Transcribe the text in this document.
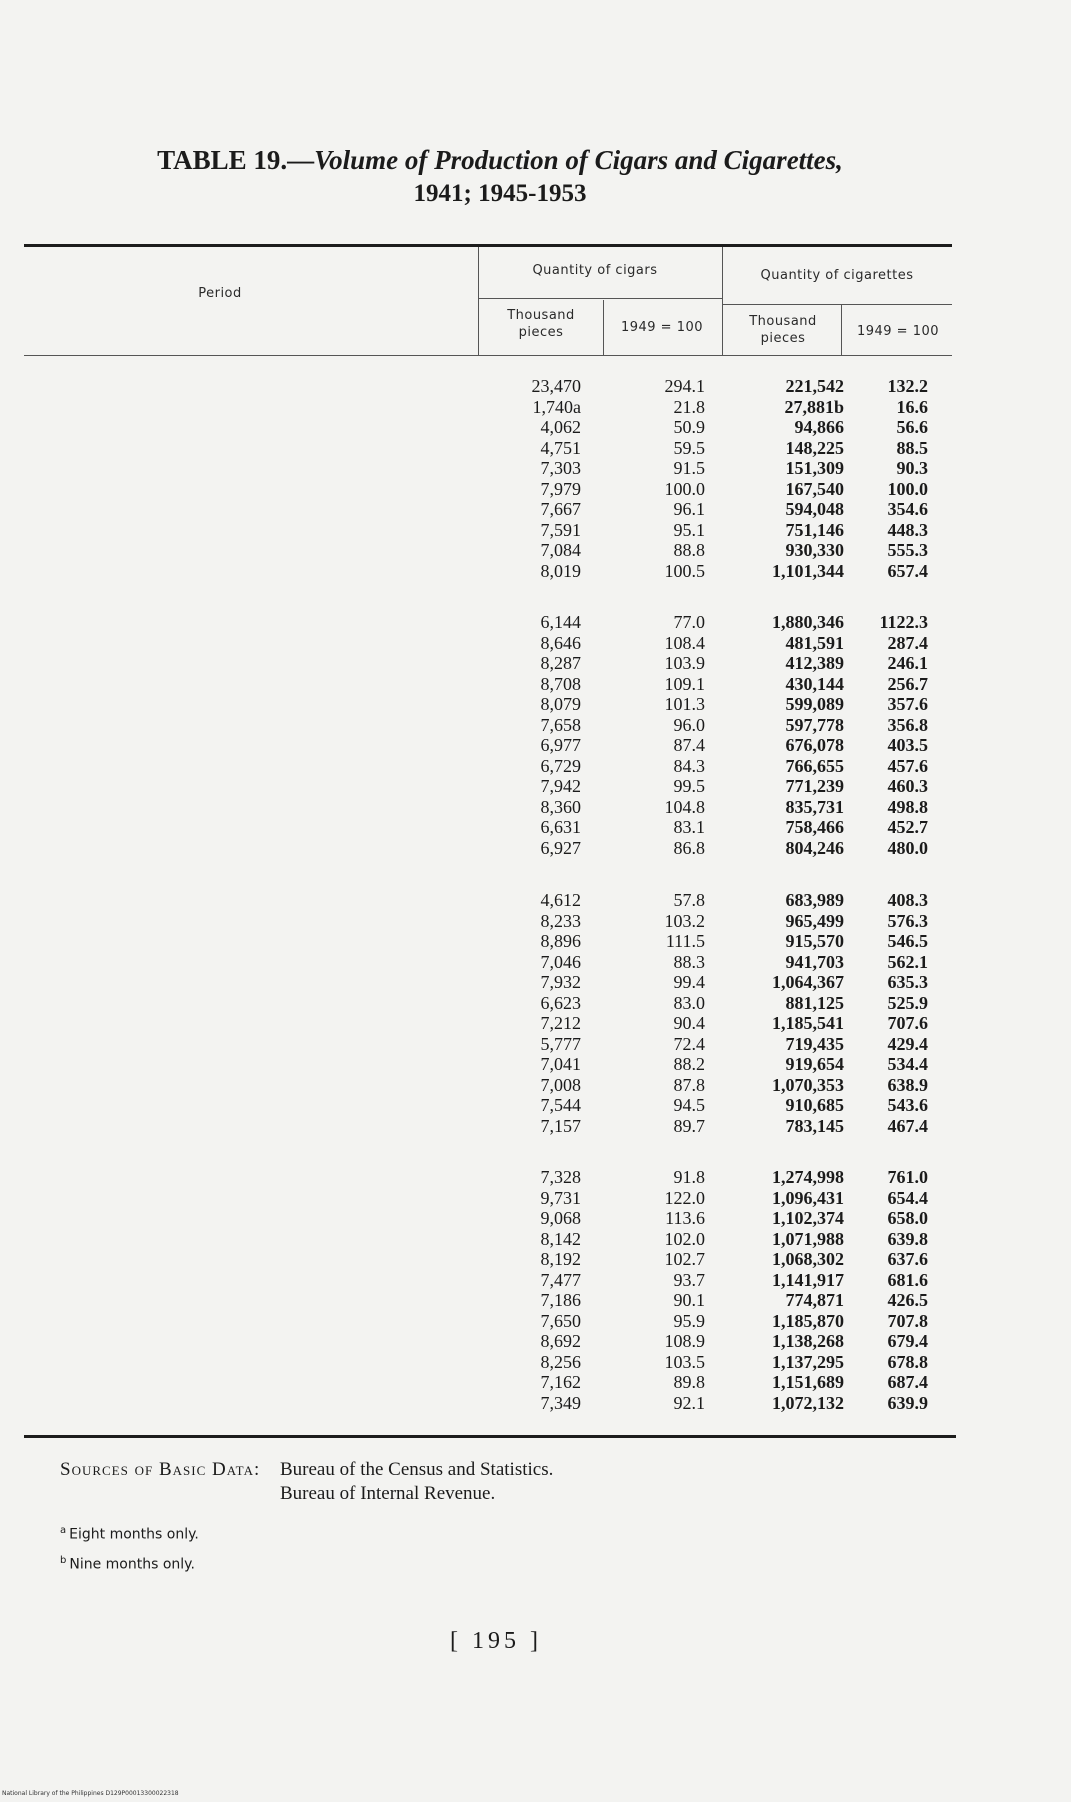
TABLE 19.—Volume of Production of Cigars and Cigarettes,
1941; 1945-1953
Period
Quantity of cigars	Quantity of cigarettes
Thousand
pieces	1949 = 100	Thousand
pieces	1949 = 100
23,470	294.1	221,542 132.2
1,740a	21.8	27,881b	16.6
4,062	50.9	94,866	56.6
4,751	59.5	148,225	88.5
7,303	91.5	151,309	90.3
7,979	100.0	167,540 100.0
7,667	96.1	594,048 354.6
7,591	95.1	751,146 448.3
7,084	88.8	930,330 555.3
8,019	100.5	1,101,344 657.4
6,144	77.0	1,880,346 1122.3
8,646	108.4	481,591 287.4
8,287	103.9	412,389 246.1
8,708	109.1	430,144 256.7
8,079	101.3	599,089 357.6
7,658	96.0	597,778 356.8
6,977	87.4	676,078 403.5
6,729	84.3	766,655 457.6
7,942	99.5	771,239 460.3
8,360	104.8	835,731 498.8
6,631	83.1	758,466 452.7
6,927	86.8	804,246 480.0
4,612	57.8	683,989 408.3
8,233	103.2	965,499 576.3
8,896	111.5	915,570 546.5
7,046	88.3	941,703 562.1
7,932	99.4	1,064,367 635.3
6,623	83.0	881,125 525.9
7,212	90.4	1,185,541 707.6
5,777	72.4	719,435 429.4
7,041	88.2	919,654 534.4
7,008	87.8	1,070,353 638.9
7,544	94.5	910,685 543.6
7,157	89.7	783,145 467.4
7,328	91.8	1,274,998 761.0
9,731	122.0	1,096,431 654.4
9,068	113.6	1,102,374 658.0
8,142	102.0	1,071,988 639.8
8,192	102.7	1,068,302 637.6
7,477	93.7	1,141,917 681.6
7,186	90.1	774,871 426.5
7,650	95.9	1,185,870 707.8
8,692	108.9	1,138,268 679.4
8,256	103.5	1,137,295 678.8
7,162	89.8	1,151,689 687.4
7,349	92.1	1,072,132 639.9
Sources of Basic Data: Bureau of the Census and Statistics.
Bureau of Internal Revenue.
$^a$ Eight months only.
$^b$ Nine months only.
[ 195 ]
National Library of the Philippines D129P00013300022318
